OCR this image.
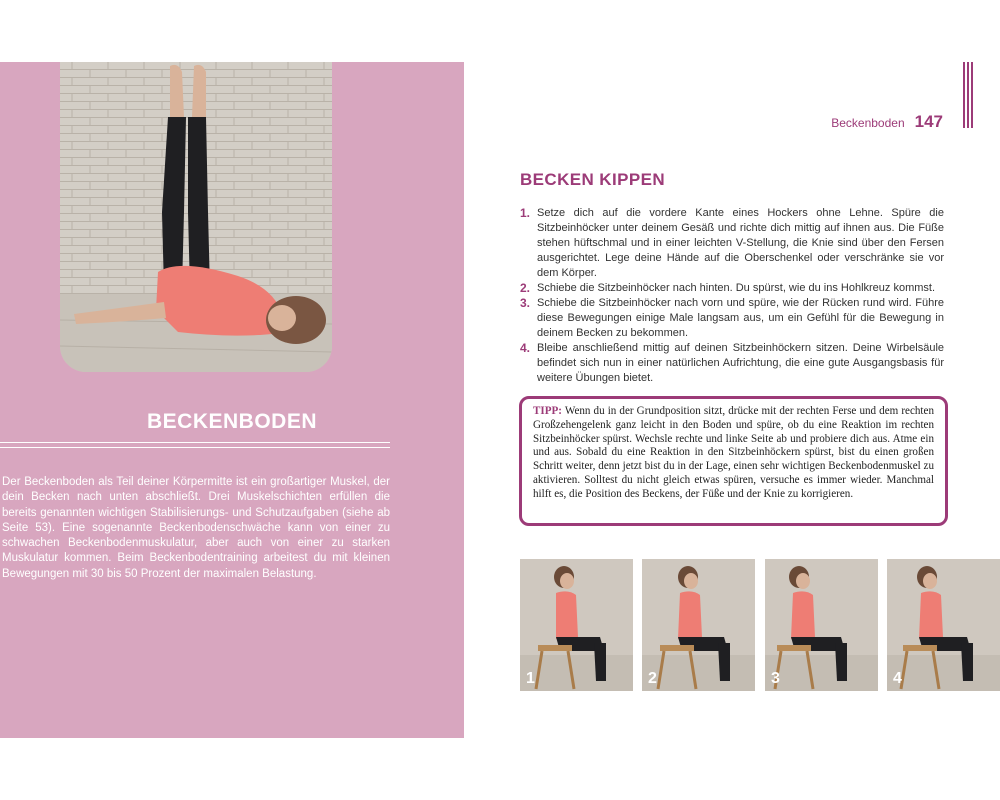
BECKENBODEN
Der Beckenboden als Teil deiner Körpermitte ist ein großartiger Muskel, der dein Becken nach unten abschließt. Drei Muskelschichten erfüllen die bereits genannten wichtigen Stabilisierungs- und Schutzaufgaben (siehe ab Seite 53). Eine sogenannte Beckenbodenschwäche kann von einer zu schwachen Beckenbodenmuskulatur, aber auch von einer zu starken Muskulatur kommen. Beim Beckenbodentraining arbeitest du mit kleinen Bewegungen mit 30 bis 50 Prozent der maximalen Belastung.
Beckenboden 147
BECKEN KIPPEN
1. Setze dich auf die vordere Kante eines Hockers ohne Lehne. Spüre die Sitzbeinhöcker unter deinem Gesäß und richte dich mittig auf ihnen aus. Die Füße stehen hüftschmal und in einer leichten V-Stellung, die Knie sind über den Fersen ausgerichtet. Lege deine Hände auf die Oberschenkel oder verschränke sie vor dem Körper.
2. Schiebe die Sitzbeinhöcker nach hinten. Du spürst, wie du ins Hohlkreuz kommst.
3. Schiebe die Sitzbeinhöcker nach vorn und spüre, wie der Rücken rund wird. Führe diese Bewegungen einige Male langsam aus, um ein Gefühl für die Bewegung in deinem Becken zu bekommen.
4. Bleibe anschließend mittig auf deinen Sitzbeinhöckern sitzen. Deine Wirbelsäule befindet sich nun in einer natürlichen Aufrichtung, die eine gute Ausgangsbasis für weitere Übungen bietet.
TIPP: Wenn du in der Grundposition sitzt, drücke mit der rechten Ferse und dem rechten Großzehengelenk ganz leicht in den Boden und spüre, ob du eine Reaktion im rechten Sitzbeinhöcker spürst. Wechsle rechte und linke Seite ab und probiere dich aus. Atme ein und aus. Sobald du eine Reaktion in den Sitzbeinhöckern spürst, bist du einen großen Schritt weiter, denn jetzt bist du in der Lage, einen sehr wichtigen Beckenbodenmuskel zu aktivieren. Solltest du nicht gleich etwas spüren, versuche es immer wieder. Manchmal hilft es, die Position des Beckens, der Füße und der Knie zu korrigieren.
1	2	3	4
